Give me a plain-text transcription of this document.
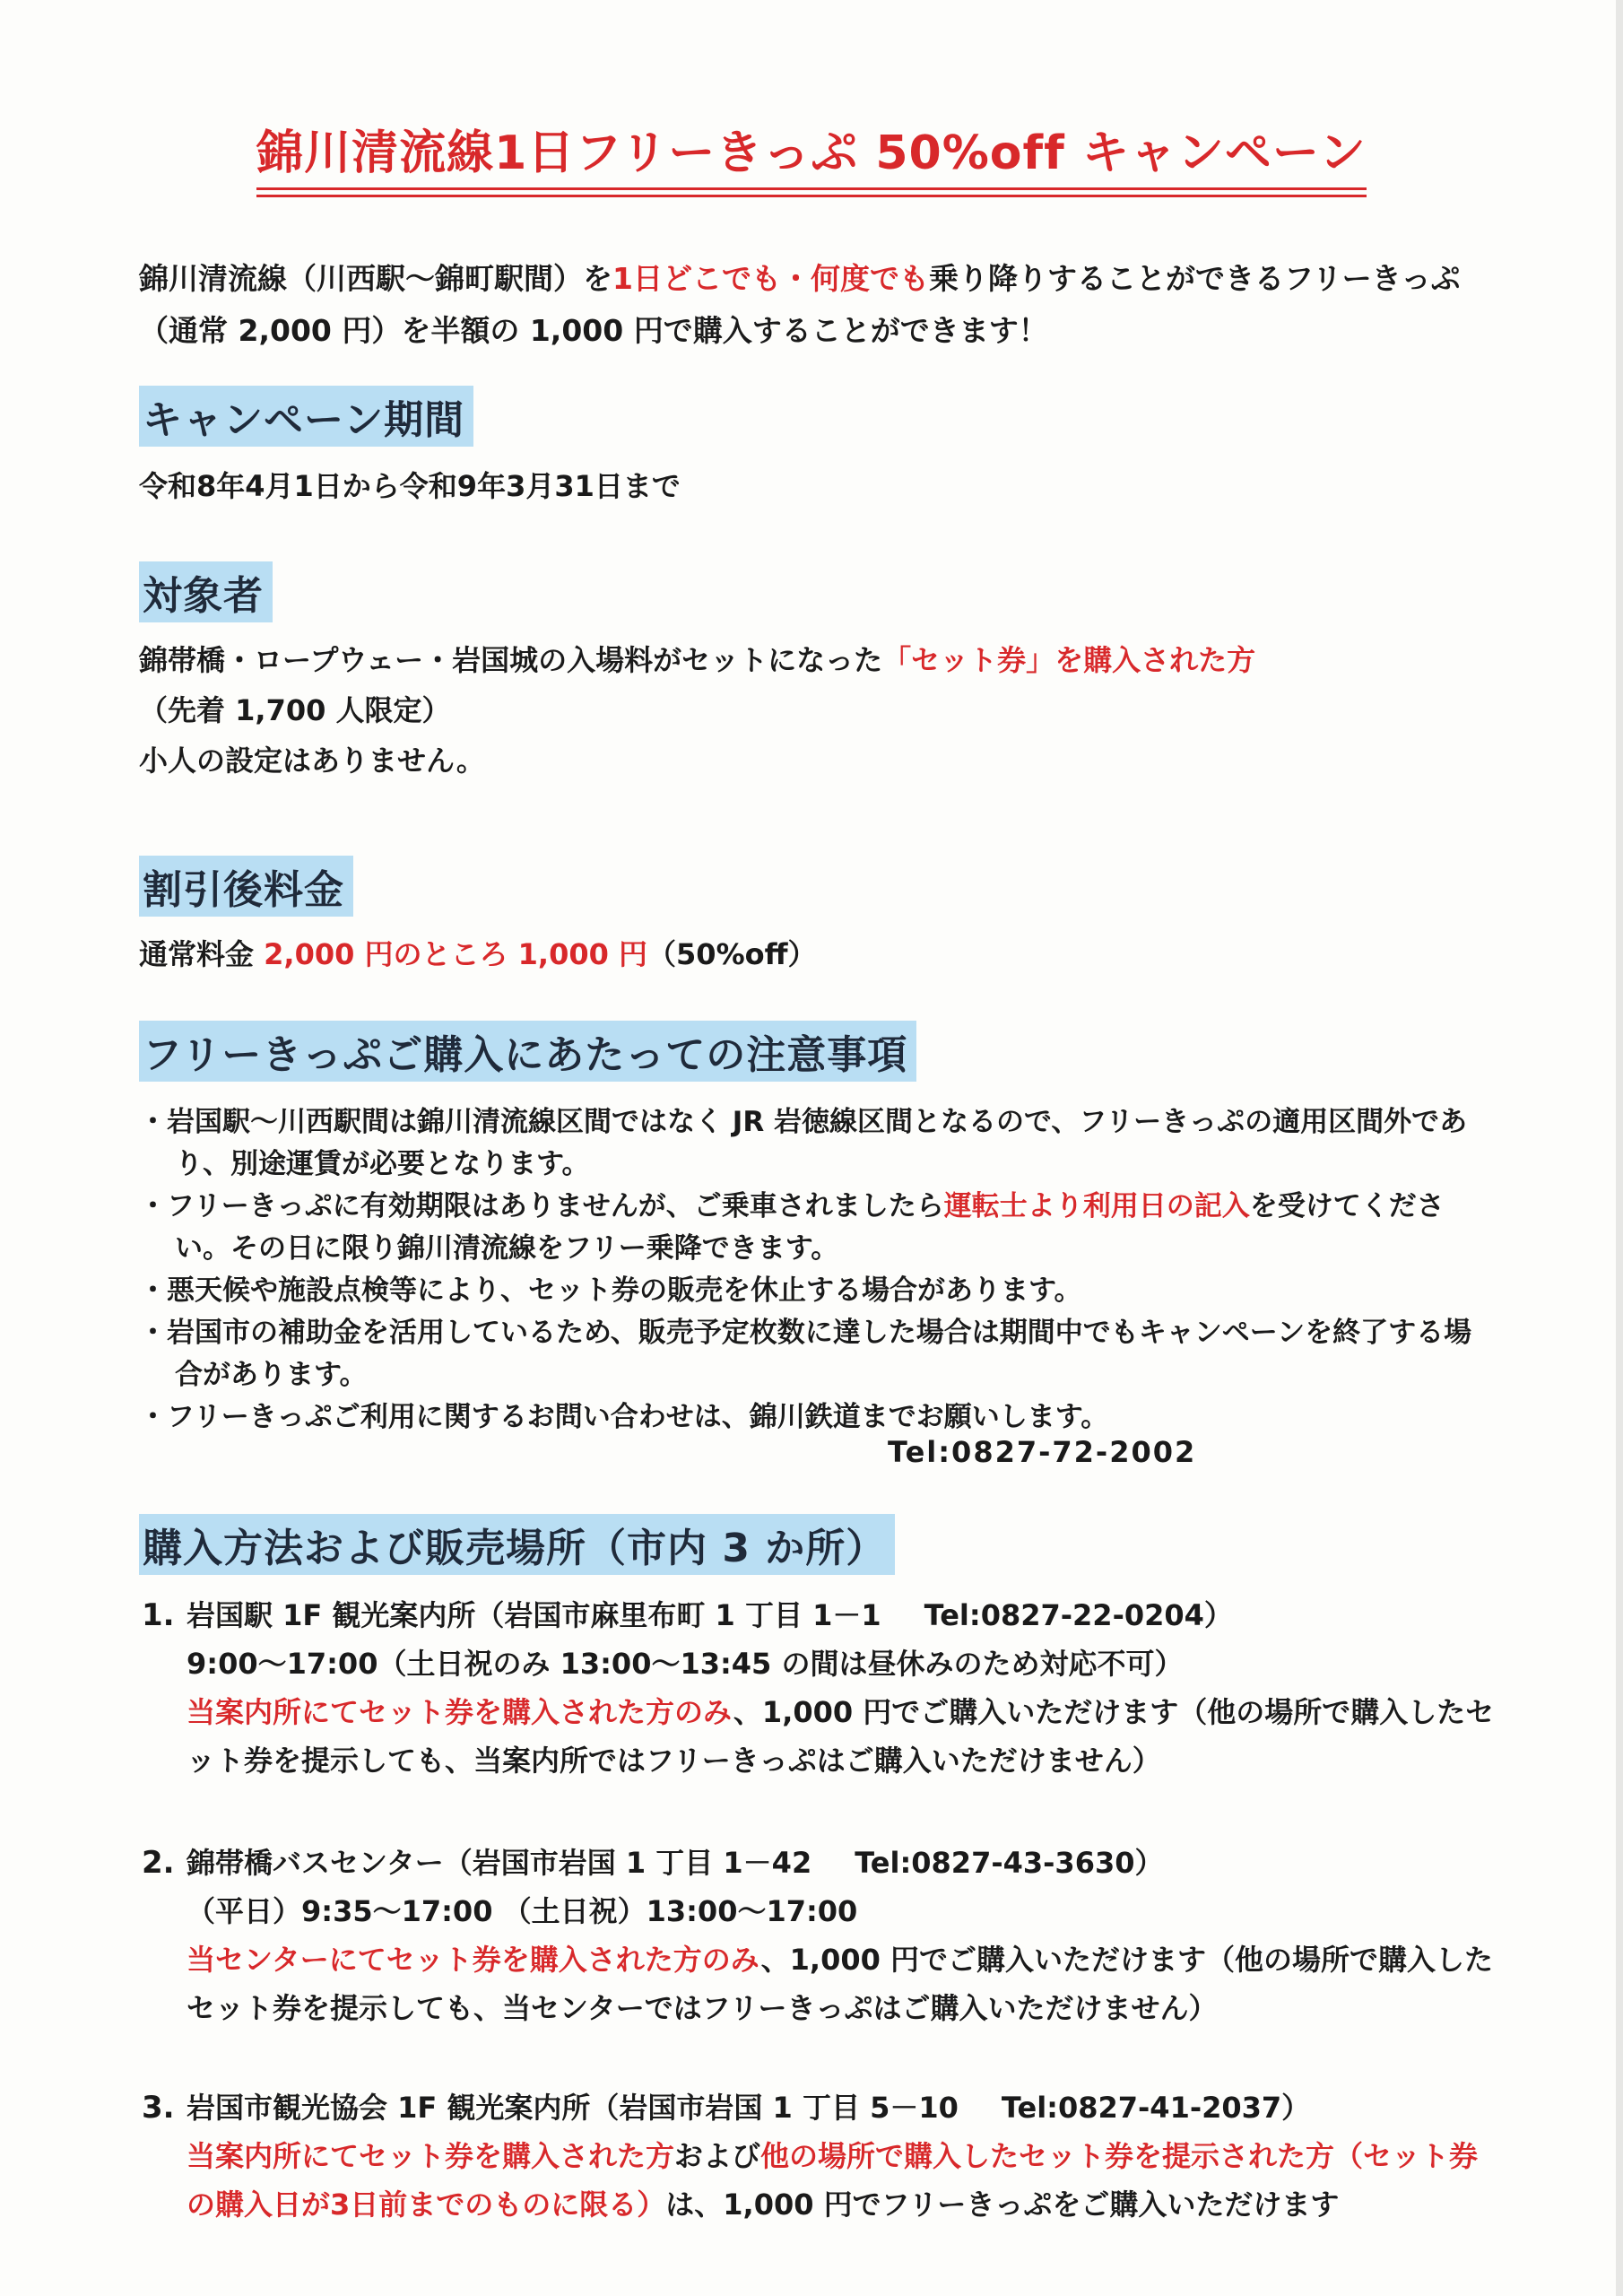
錦川清流線1日フリーきっぷ 50%off キャンペーン
錦川清流線（川西駅～錦町駅間）を1日どこでも・何度でも乗り降りすることができるフリーきっぷ
（通常 2,000 円）を半額の 1,000 円で購入することができます！
キャンペーン期間
令和8年4月1日から令和9年3月31日まで
対象者
錦帯橋・ロープウェー・岩国城の入場料がセットになった「セット券」を購入された方
（先着 1,700 人限定）
小人の設定はありません。
割引後料金
通常料金 2,000 円のところ 1,000 円（50%off）
フリーきっぷご購入にあたっての注意事項
・岩国駅～川西駅間は錦川清流線区間ではなく JR 岩徳線区間となるので、フリーきっぷの適用区間外であり、別途運賃が必要となります。
・フリーきっぷに有効期限はありませんが、ご乗車されましたら運転士より利用日の記入を受けてください。その日に限り錦川清流線をフリー乗降できます。
・悪天候や施設点検等により、セット券の販売を休止する場合があります。
・岩国市の補助金を活用しているため、販売予定枚数に達した場合は期間中でもキャンペーンを終了する場合があります。
・フリーきっぷご利用に関するお問い合わせは、錦川鉄道までお願いします。
Tel:0827-72-2002
購入方法および販売場所（市内 3 か所）
1. 岩国駅 1F 観光案内所（岩国市麻里布町 1 丁目 1－1 Tel:0827-22-0204）
9:00～17:00（土日祝のみ 13:00～13:45 の間は昼休みのため対応不可）
当案内所にてセット券を購入された方のみ、1,000 円でご購入いただけます（他の場所で購入したセット券を提示しても、当案内所ではフリーきっぷはご購入いただけません）
2. 錦帯橋バスセンター（岩国市岩国 1 丁目 1－42 Tel:0827-43-3630）
（平日）9:35～17:00 （土日祝）13:00～17:00
当センターにてセット券を購入された方のみ、1,000 円でご購入いただけます（他の場所で購入したセット券を提示しても、当センターではフリーきっぷはご購入いただけません）
3. 岩国市観光協会 1F 観光案内所（岩国市岩国 1 丁目 5－10 Tel:0827-41-2037）
当案内所にてセット券を購入された方および他の場所で購入したセット券を提示された方（セット券の購入日が3日前までのものに限る）は、1,000 円でフリーきっぷをご購入いただけます
